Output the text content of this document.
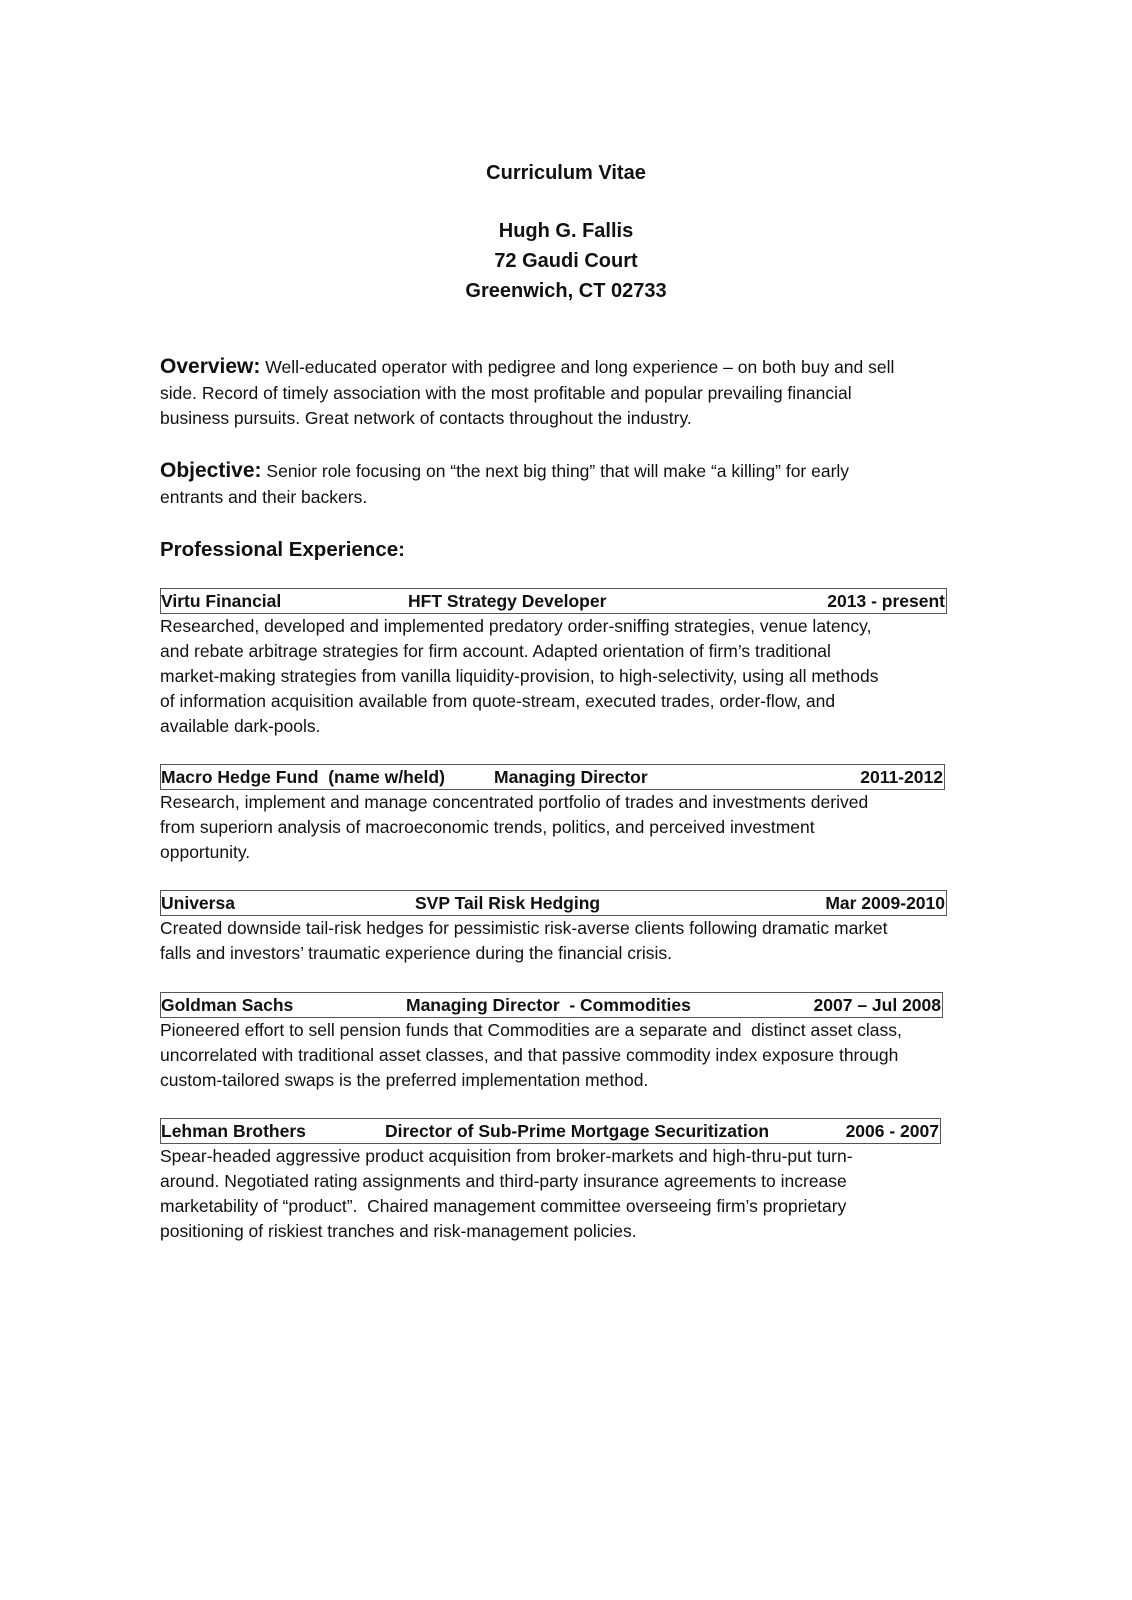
Curriculum Vitae
Hugh G. Fallis
72 Gaudi Court
Greenwich, CT 02733
Overview: Well-educated operator with pedigree and long experience – on both buy and sell
side. Record of timely association with the most profitable and popular prevailing financial
business pursuits. Great network of contacts throughout the industry.
Objective: Senior role focusing on “the next big thing” that will make “a killing” for early
entrants and their backers.
Professional Experience:
Virtu Financial	HFT Strategy Developer	2013 - present
Researched, developed and implemented predatory order-sniffing strategies, venue latency,
and rebate arbitrage strategies for firm account. Adapted orientation of firm’s traditional
market-making strategies from vanilla liquidity-provision, to high-selectivity, using all methods
of information acquisition available from quote-stream, executed trades, order-flow, and
available dark-pools.
Macro Hedge Fund  (name w/held)	Managing Director	2011-2012
Research, implement and manage concentrated portfolio of trades and investments derived
from superiorn analysis of macroeconomic trends, politics, and perceived investment
opportunity.
Universa	SVP Tail Risk Hedging	Mar 2009-2010
Created downside tail-risk hedges for pessimistic risk-averse clients following dramatic market
falls and investors’ traumatic experience during the financial crisis.
Goldman Sachs	Managing Director  - Commodities	2007 – Jul 2008
Pioneered effort to sell pension funds that Commodities are a separate and  distinct asset class,
uncorrelated with traditional asset classes, and that passive commodity index exposure through
custom-tailored swaps is the preferred implementation method.
Lehman Brothers	Director of Sub-Prime Mortgage Securitization	2006 - 2007
Spear-headed aggressive product acquisition from broker-markets and high-thru-put turn-
around. Negotiated rating assignments and third-party insurance agreements to increase
marketability of “product”.  Chaired management committee overseeing firm’s proprietary
positioning of riskiest tranches and risk-management policies.
